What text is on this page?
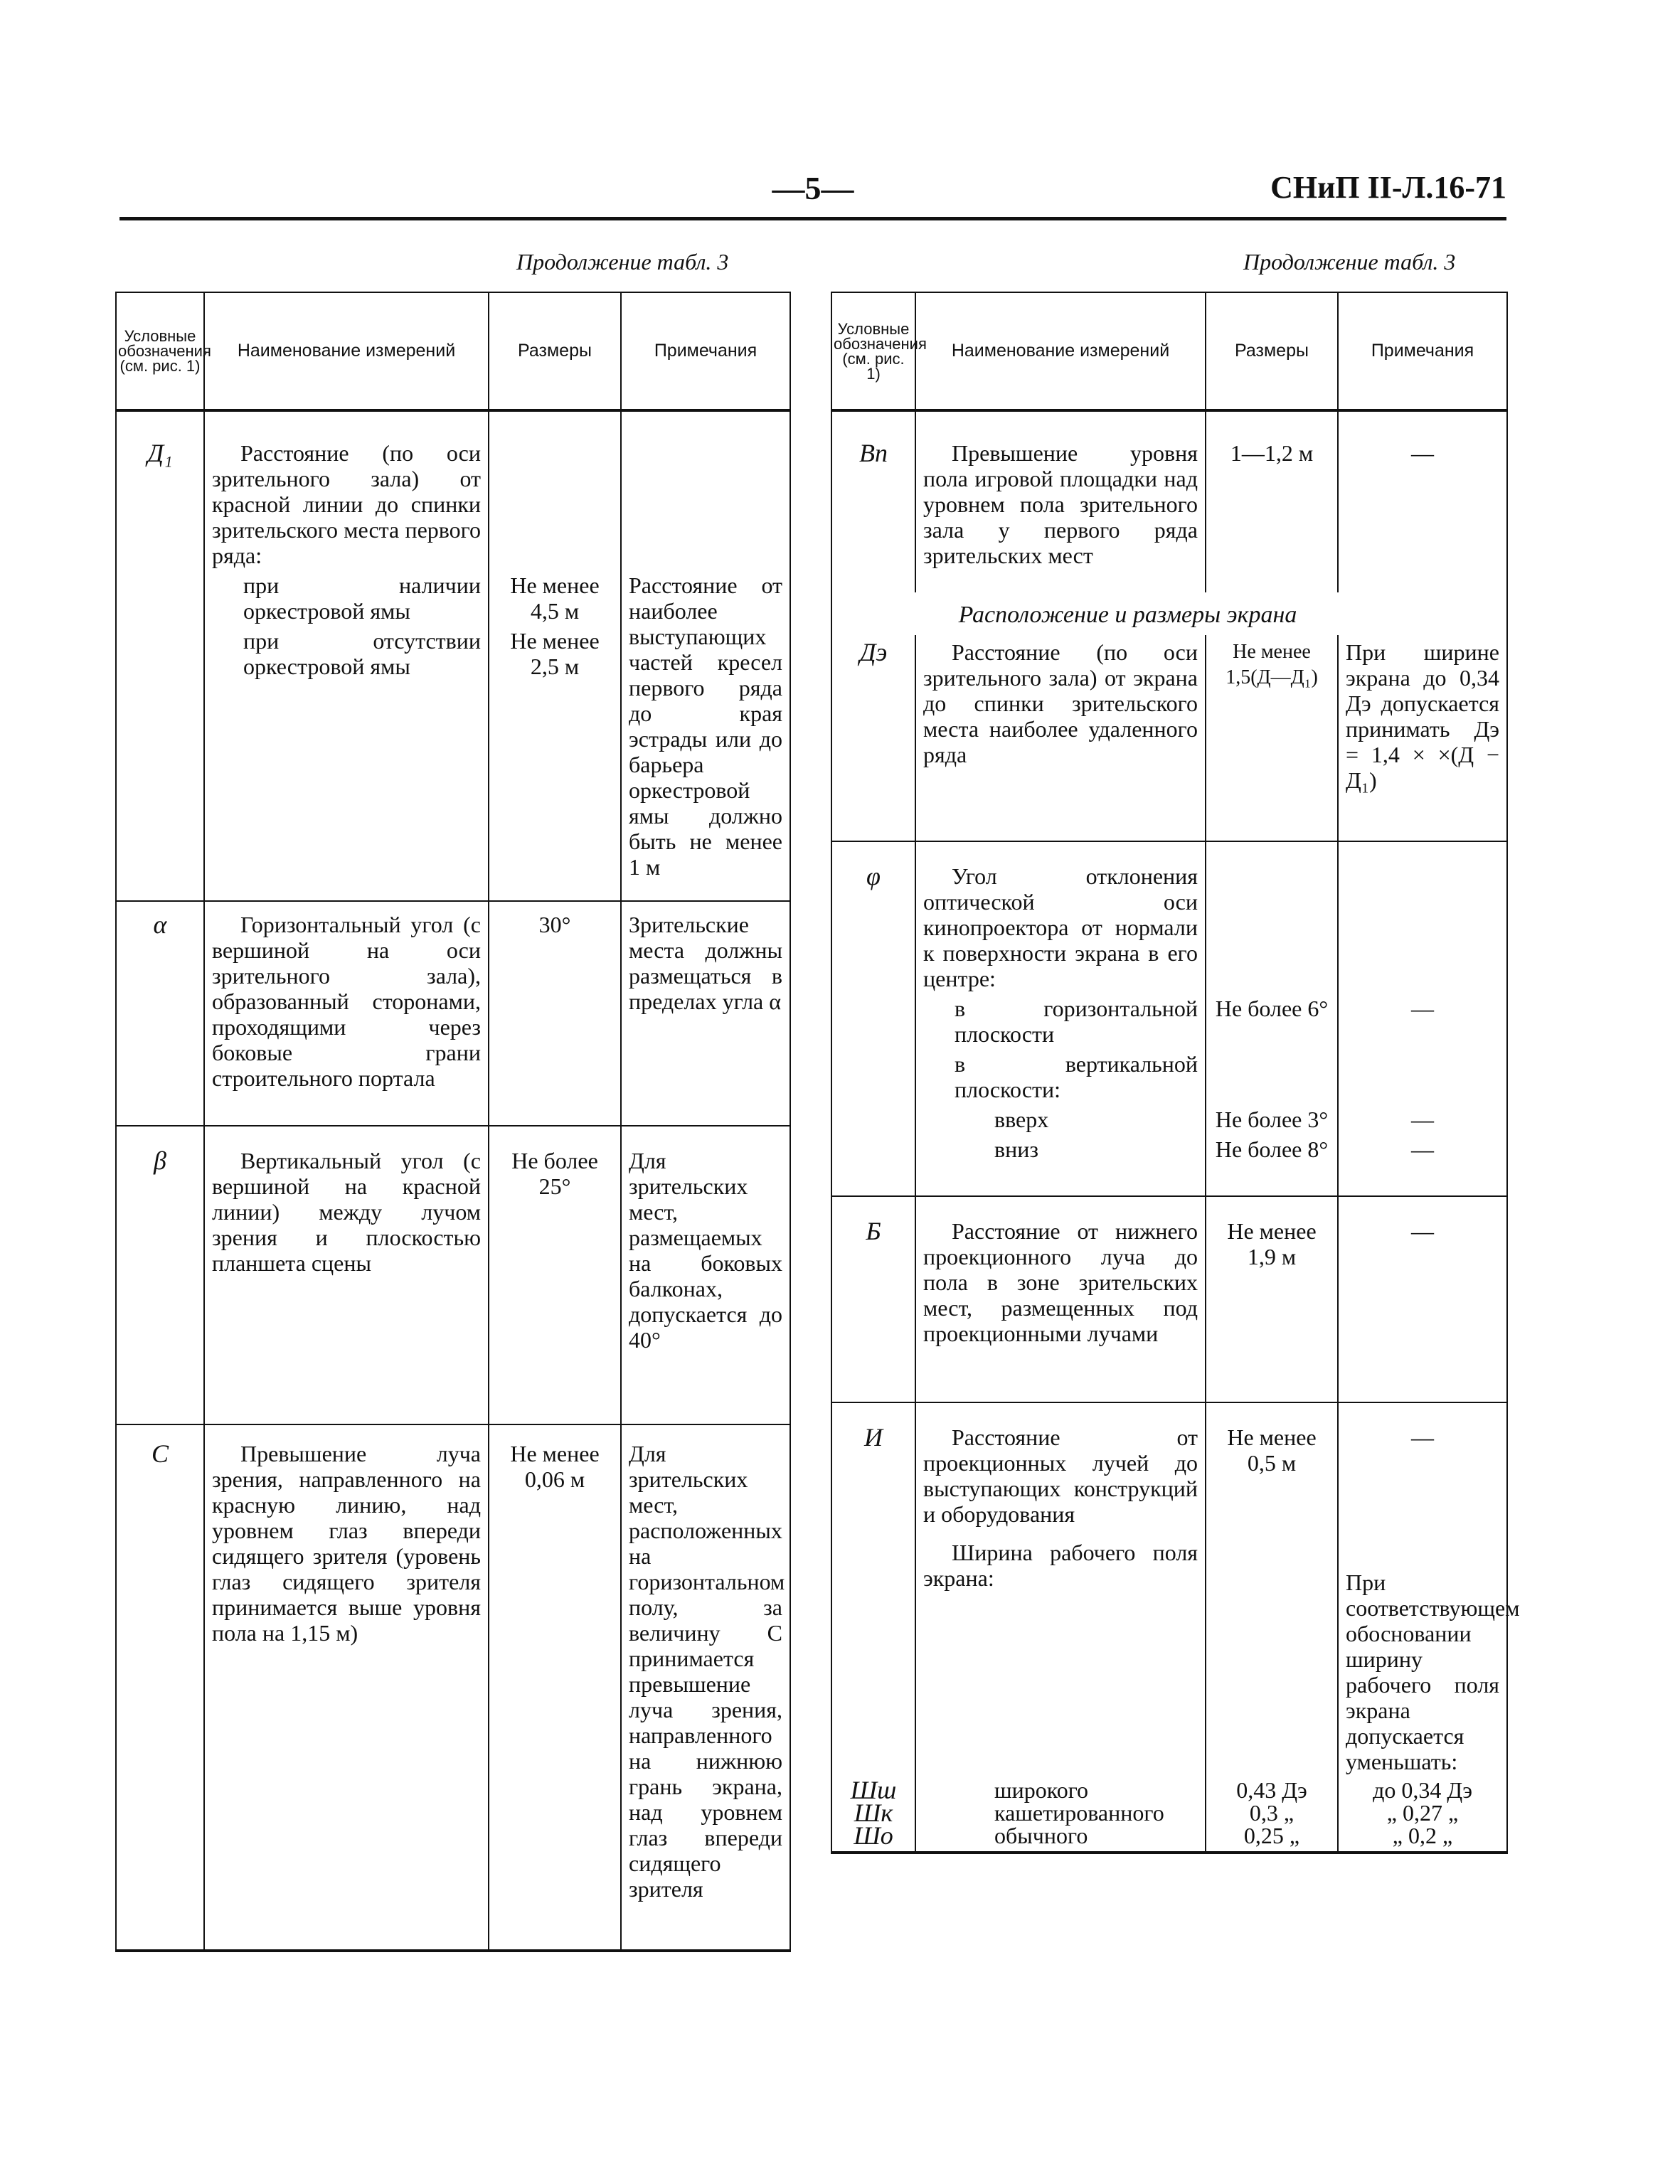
—5—	СНиП II-Л.16-71
Продолжение табл. 3	Продолжение табл. 3
Условные обозначения (см. рис. 1)	Наименование измерений	Размеры	Примечания
Д₁	Расстояние (по оси зрительного зала) от красной линии до спинки зрительского места первого ряда:		
	при наличии оркестровой ямы	Не менее 4,5 м	Расстояние от наиболее выступающих частей кресел первого ряда до края эстрады или до барьера оркестровой ямы должно быть не менее 1 м
	при отсутствии оркестровой ямы	Не менее 2,5 м	
α	Горизонтальный угол (с вершиной на оси зрительного зала), образованный сторонами, проходящими через боковые грани строительного портала	30°	Зрительские места должны размещаться в пределах угла α
β	Вертикальный угол (с вершиной на красной линии) между лучом зрения и плоскостью планшета сцены	Не более 25°	Для зрительских мест, размещаемых на боковых балконах, допускается до 40°
С	Превышение луча зрения, направленного на красную линию, над уровнем глаз впереди сидящего зрителя (уровень глаз сидящего зрителя принимается выше уровня пола на 1,15 м)	Не менее 0,06 м	Для зрительских мест, расположенных на горизонтальном полу, за величину С принимается превышение луча зрения, направленного на нижнюю грань экрана, над уровнем глаз впереди сидящего зрителя
Условные обозначения (см. рис. 1)	Наименование измерений	Размеры	Примечания
Вп	Превышение уровня пола игровой площадки над уровнем пола зрительного зала у первого ряда зрительских мест	1—1,2 м	—
Расположение и размеры экрана			
Дэ	Расстояние (по оси зрительного зала) от экрана до спинки зрительского места наиболее удаленного ряда	Не менее 1,5(Д—Д₁)	При ширине экрана до 0,34 Дэ допускается принимать Дэ = 1,4 × ×(Д − Д₁)
φ	Угол отклонения оптической оси кинопроектора от нормали к поверхности экрана в его центре:		
	в горизонтальной плоскости	Не более 6°	—
	в вертикальной плоскости:		
	вверх	Не более 3°	—
	вниз	Не более 8°	—
Б	Расстояние от нижнего проекционного луча до пола в зоне зрительских мест, размещенных под проекционными лучами	Не менее 1,9 м	—
И	Расстояние от проекционных лучей до выступающих конструкций и оборудования	Не менее 0,5 м	—
	Ширина рабочего поля экрана:		При соответствующем обосновании ширину рабочего поля экрана допускается уменьшать:
Шш	широкого	0,43 Дэ	до 0,34 Дэ
Шк	кашетированного	0,3 „	„ 0,27 „
Шо	обычного	0,25 „	„ 0,2 „
